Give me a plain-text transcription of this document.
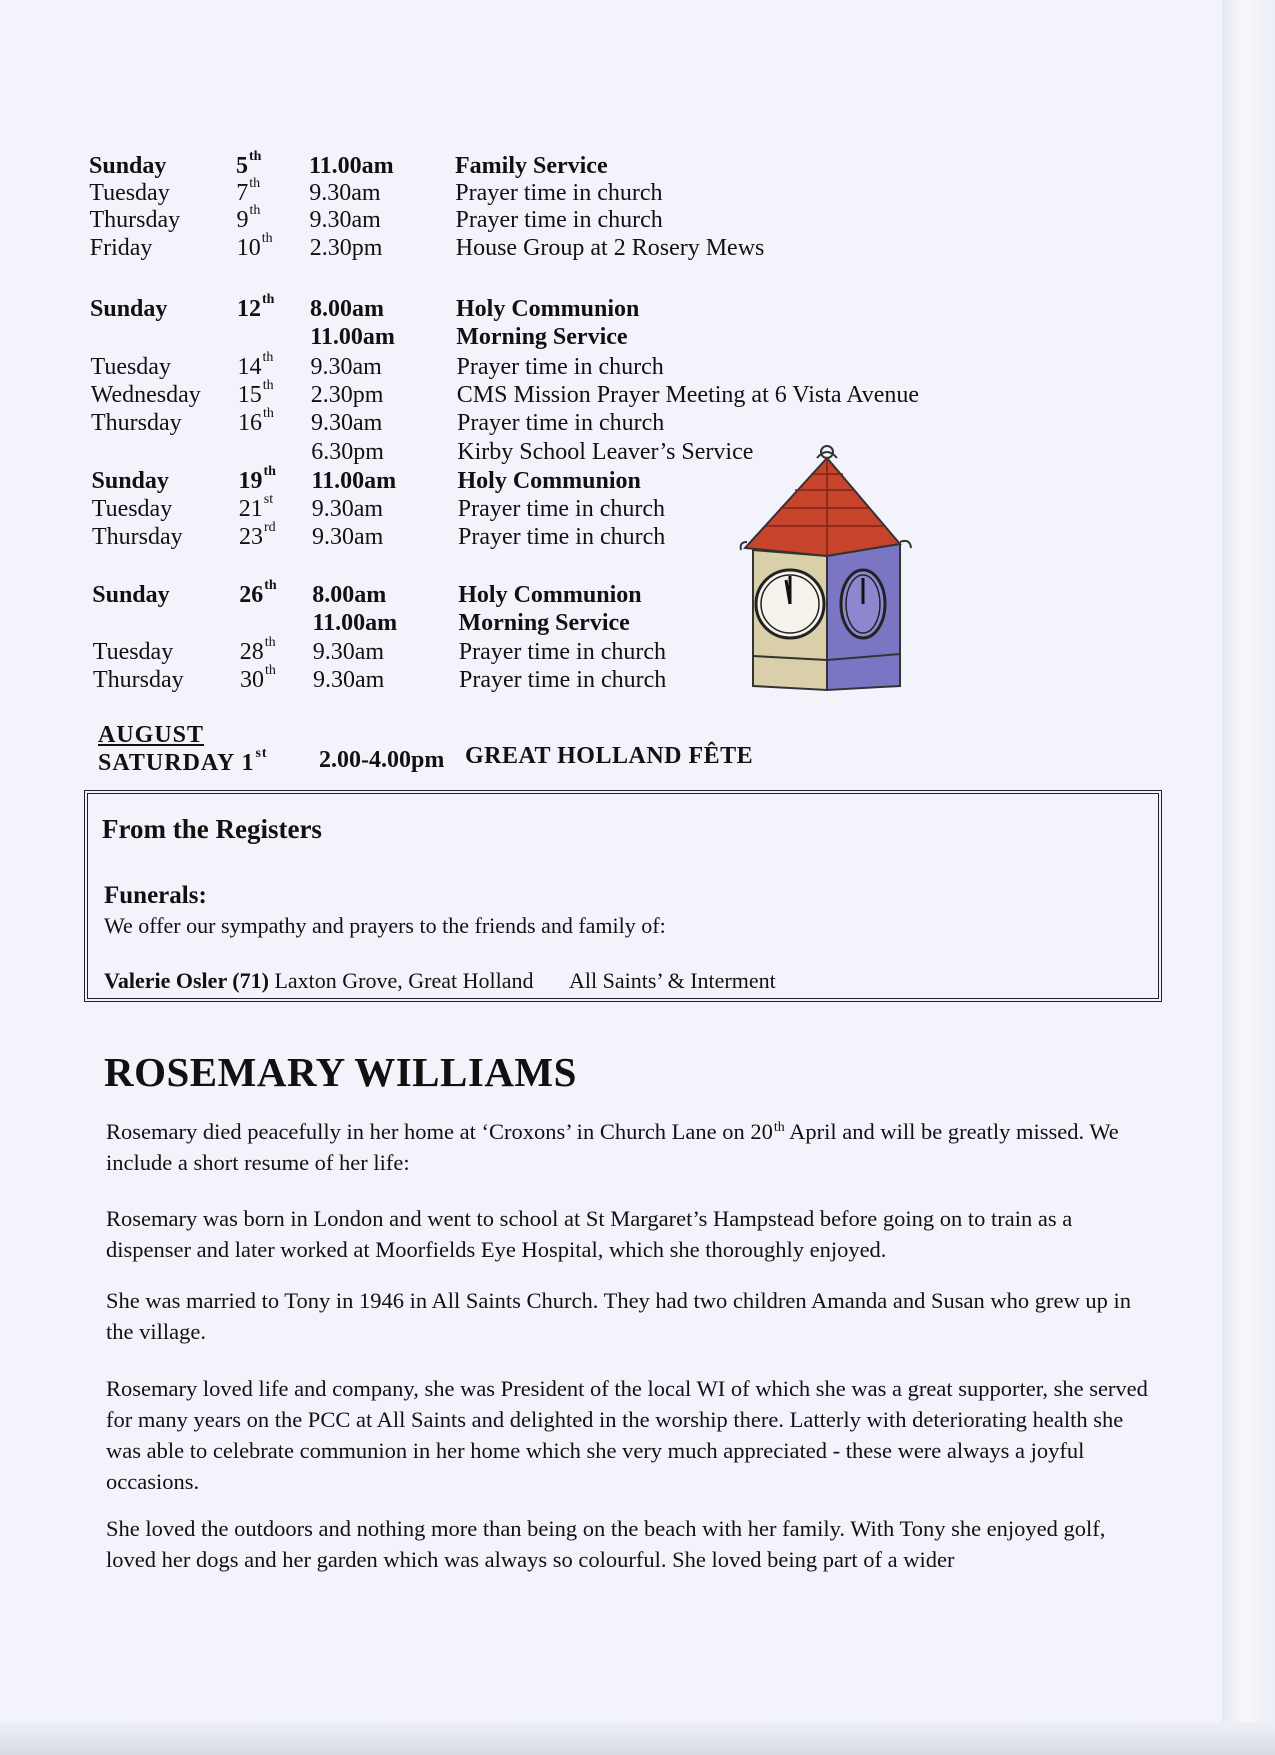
Sunday	5th 11.00am	Family Service
Tuesday	7th 9.30am	Prayer time in church
Thursday 9th 9.30am	Prayer time in church
Friday	10th 2.30pm	House Group at 2 Rosery Mews
Sunday	12th 8.00am	Holy Communion
11.00am	Morning Service
Tuesday	14th 9.30am	Prayer time in church
Wednesday 15th 2.30pm	CMS Mission Prayer Meeting at 6 Vista Avenue
Thursday 16th 9.30am	Prayer time in church
6.30pm	Kirby School Leaver’s Service
Sunday	19th 11.00am	Holy Communion
Tuesday	21st 9.30am	Prayer time in church
Thursday 23rd 9.30am	Prayer time in church
Sunday	26th 8.00am	Holy Communion
11.00am	Morning Service
Tuesday	28th 9.30am	Prayer time in church
Thursday 30th 9.30am	Prayer time in church
AUGUST
SATURDAY 1st 2.00-4.00pm GREAT HOLLAND FÊTE
From the Registers
Funerals:
We offer our sympathy and prayers to the friends and family of:
Valerie Osler (71) Laxton Grove, Great Holland All Saints’ & Interment
ROSEMARY WILLIAMS
Rosemary died peacefully in her home at ‘Croxons’ in Church Lane on 20th April and will be greatly missed. We include a short resume of her life:
Rosemary was born in London and went to school at St Margaret’s Hampstead before going on to train as a dispenser and later worked at Moorfields Eye Hospital, which she thoroughly enjoyed.
She was married to Tony in 1946 in All Saints Church. They had two children Amanda and Susan who grew up in the village.
Rosemary loved life and company, she was President of the local WI of which she was a great supporter, she served for many years on the PCC at All Saints and delighted in the worship there. Latterly with deteriorating health she was able to celebrate communion in her home which she very much appreciated - these were always a joyful occasions.
She loved the outdoors and nothing more than being on the beach with her family. With Tony she enjoyed golf, loved her dogs and her garden which was always so colourful. She loved being part of a wider
